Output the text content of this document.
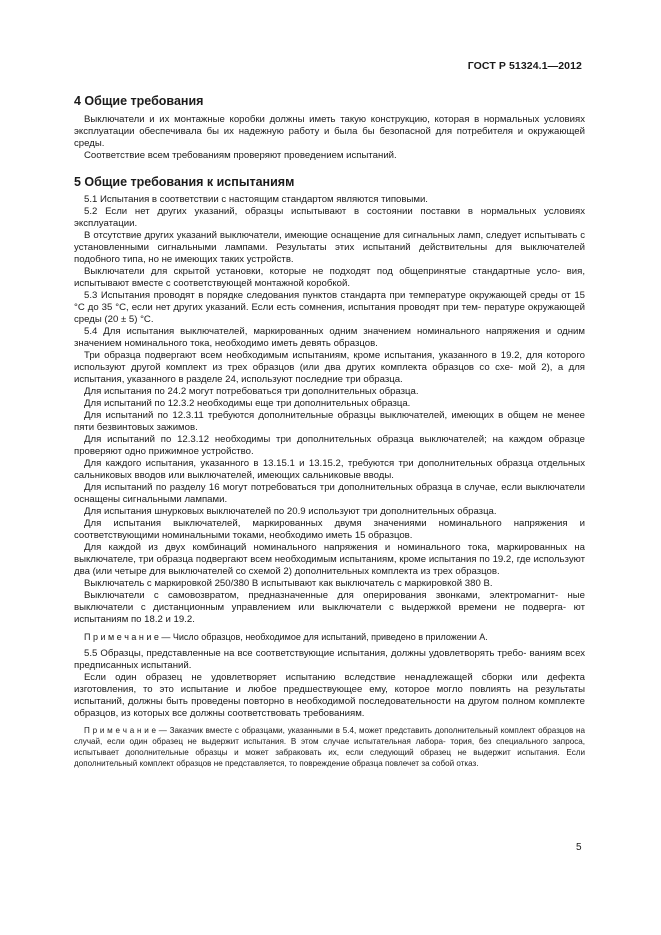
ГОСТ Р 51324.1—2012
4 Общие требования

Выключатели и их монтажные коробки должны иметь такую конструкцию, которая в нормальных условиях эксплуатации обеспечивала бы их надежную работу и была бы безопасной для потребителя и окружающей среды.

Соответствие всем требованиям проверяют проведением испытаний.

5 Общие требования к испытаниям

5.1 Испытания в соответствии с настоящим стандартом являются типовыми.

5.2 Если нет других указаний, образцы испытывают в состоянии поставки в нормальных условиях эксплуатации.

В отсутствие других указаний выключатели, имеющие оснащение для сигнальных ламп, следует испытывать с установленными сигнальными лампами. Результаты этих испытаний действительны для выключателей подобного типа, но не имеющих таких устройств.

Выключатели для скрытой установки, которые не подходят под общепринятые стандартные усло- вия, испытывают вместе с соответствующей монтажной коробкой.

5.3 Испытания проводят в порядке следования пунктов стандарта при температуре окружающей среды от 15 °С до 35 °С, если нет других указаний. Если есть сомнения, испытания проводят при тем- пературе окружающей среды (20 ± 5) °С.

5.4 Для испытания выключателей, маркированных одним значением номинального напряжения и одним значением номинального тока, необходимо иметь девять образцов.

Три образца подвергают всем необходимым испытаниям, кроме испытания, указанного в 19.2, для которого используют другой комплект из трех образцов (или два других комплекта образцов со схе- мой 2), а для испытания, указанного в разделе 24, используют последние три образца.

Для испытания по 24.2 могут потребоваться три дополнительных образца.

Для испытаний по 12.3.2 необходимы еще три дополнительных образца.

Для испытаний по 12.3.11 требуются дополнительные образцы выключателей, имеющих в общем не менее пяти безвинтовых зажимов.

Для испытаний по 12.3.12 необходимы три дополнительных образца выключателей; на каждом образце проверяют одно прижимное устройство.

Для каждого испытания, указанного в 13.15.1 и 13.15.2, требуются три дополнительных образца отдельных сальниковых вводов или выключателей, имеющих сальниковые вводы.

Для испытаний по разделу 16 могут потребоваться три дополнительных образца в случае, если выключатели оснащены сигнальными лампами.

Для испытания шнурковых выключателей по 20.9 используют три дополнительных образца.

Для испытания выключателей, маркированных двумя значениями номинального напряжения и соответствующими номинальными токами, необходимо иметь 15 образцов.

Для каждой из двух комбинаций номинального напряжения и номинального тока, маркированных на выключателе, три образца подвергают всем необходимым испытаниям, кроме испытания по 19.2, где используют два (или четыре для выключателей со схемой 2) дополнительных комплекта из трех образцов.

Выключатель с маркировкой 250/380 В испытывают как выключатель с маркировкой 380 В.

Выключатели с самовозвратом, предназначенные для оперирования звонками, электромагнит- ные выключатели с дистанционным управлением или выключатели с выдержкой времени не подверга- ют испытаниям по 18.2 и 19.2.

П р и м е ч а н и е — Число образцов, необходимое для испытаний, приведено в приложении А.

5.5 Образцы, представленные на все соответствующие испытания, должны удовлетворять требо- ваниям всех предписанных испытаний.

Если один образец не удовлетворяет испытанию вследствие ненадлежащей сборки или дефекта изготовления, то это испытание и любое предшествующее ему, которое могло повлиять на результаты испытаний, должны быть проведены повторно в необходимой последовательности на другом полном комплекте образцов, из которых все должны соответствовать требованиям.

П р и м е ч а н и е — Заказчик вместе с образцами, указанными в 5.4, может представить дополнительный комплект образцов на случай, если один образец не выдержит испытания. В этом случае испытательная лабора- тория, без специального запроса, испытывает дополнительные образцы и может забраковать их, если следующий образец не выдержит испытания. Если дополнительный комплект образцов не представляется, то повреждение образца повлечет за собой отказ.

5
